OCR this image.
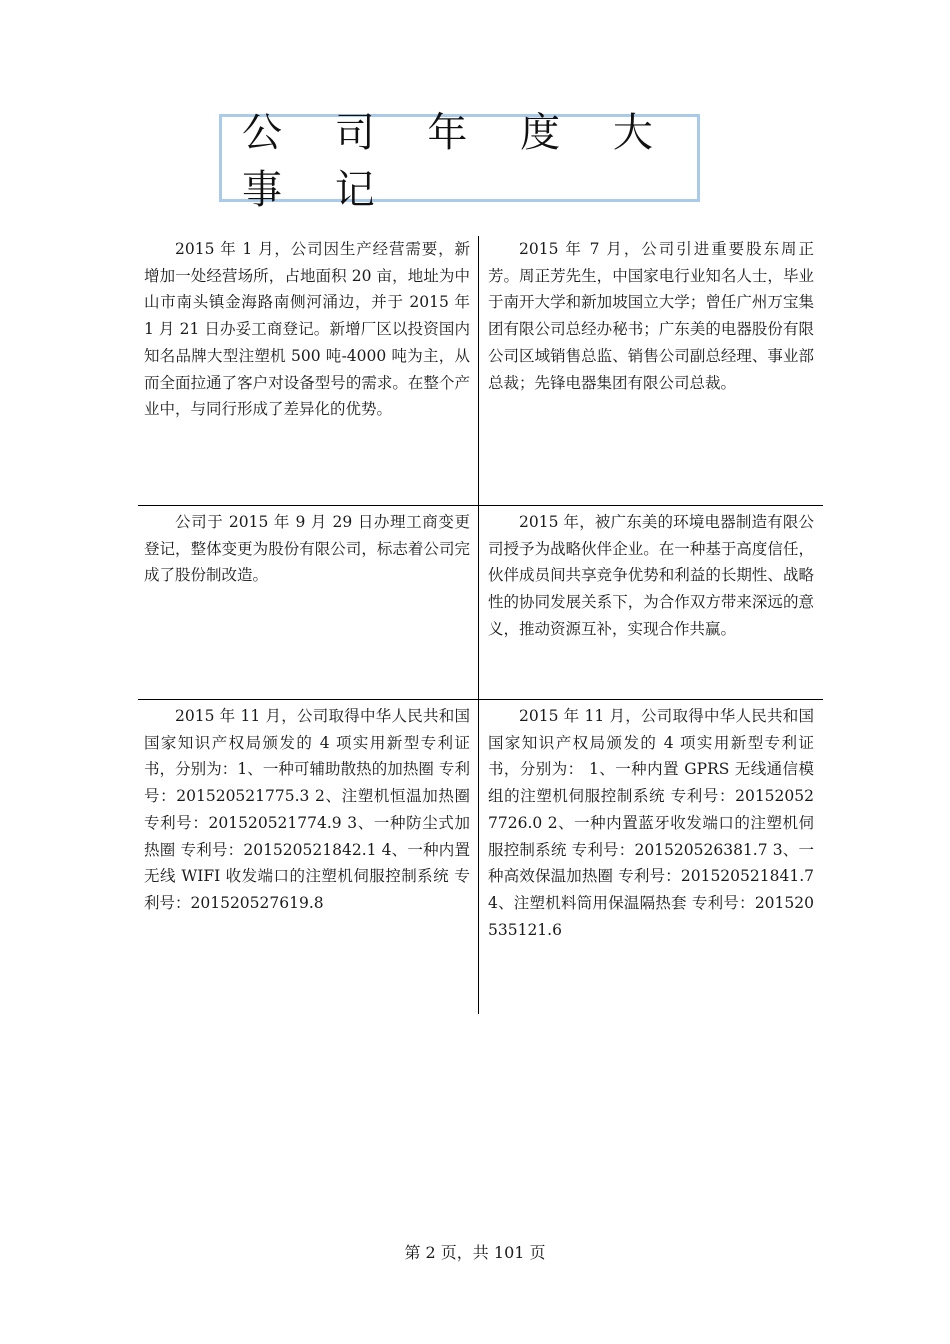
公 司 年 度 大 事 记
2015 年 1 月，公司因生产经营需要，新增加一处经营场所，占地面积 20 亩，地址为中山市南头镇金海路南侧河涌边，并于 2015 年 1 月 21 日办妥工商登记。新增厂区以投资国内知名品牌大型注塑机 500 吨-4000 吨为主，从而全面拉通了客户对设备型号的需求。在整个产业中，与同行形成了差异化的优势。
2015 年 7 月，公司引进重要股东周正芳。周正芳先生，中国家电行业知名人士，毕业于南开大学和新加坡国立大学；曾任广州万宝集团有限公司总经办秘书；广东美的电器股份有限公司区域销售总监、销售公司副总经理、事业部总裁；先锋电器集团有限公司总裁。
公司于 2015 年 9 月 29 日办理工商变更登记，整体变更为股份有限公司，标志着公司完成了股份制改造。
2015 年，被广东美的环境电器制造有限公司授予为战略伙伴企业。在一种基于高度信任，伙伴成员间共享竞争优势和利益的长期性、战略性的协同发展关系下，为合作双方带来深远的意义，推动资源互补，实现合作共赢。
2015 年 11 月，公司取得中华人民共和国国家知识产权局颁发的 4 项实用新型专利证书，分别为：1、一种可辅助散热的加热圈 专利号：201520521775.3 2、注塑机恒温加热圈 专利号：201520521774.9 3、一种防尘式加热圈 专利号：201520521842.1 4、一种内置无线 WIFI 收发端口的注塑机伺服控制系统 专利号：201520527619.8
2015 年 11 月，公司取得中华人民共和国国家知识产权局颁发的 4 项实用新型专利证书，分别为： 1、一种内置 GPRS 无线通信模组的注塑机伺服控制系统 专利号：201520527726.0 2、一种内置蓝牙收发端口的注塑机伺服控制系统 专利号：201520526381.7 3、一种高效保温加热圈 专利号：201520521841.7 4、注塑机料筒用保温隔热套 专利号：201520535121.6
第 2 页，共 101 页
